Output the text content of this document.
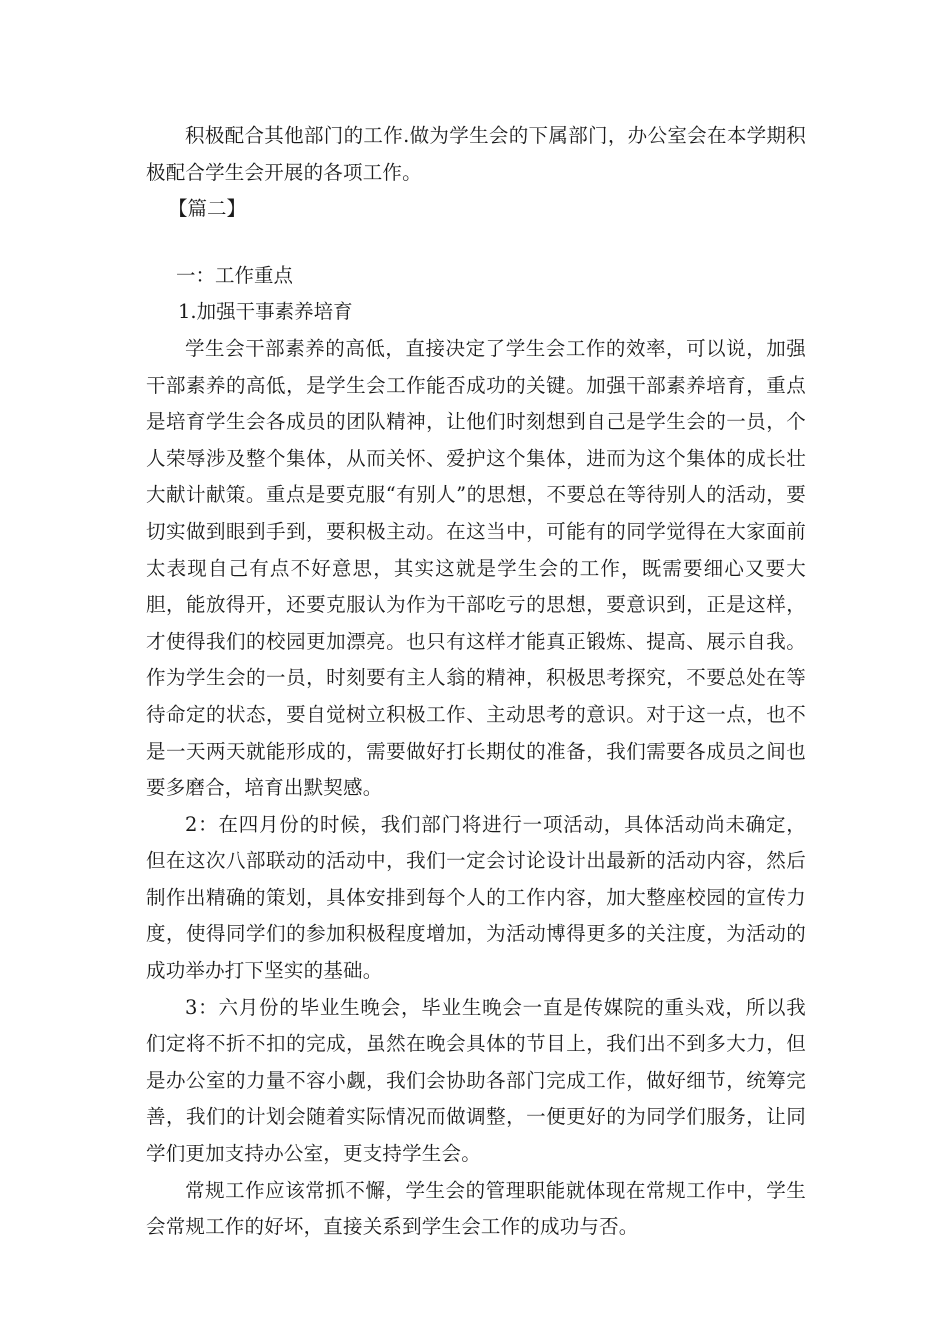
积极配合其他部门的工作.做为学生会的下属部门，办公室会在本学期积极配合学生会开展的各项工作。

【篇二】

一：工作重点

1.加强干事素养培育

学生会干部素养的高低，直接决定了学生会工作的效率，可以说，加强干部素养的高低，是学生会工作能否成功的关键。加强干部素养培育，重点是培育学生会各成员的团队精神，让他们时刻想到自己是学生会的一员，个人荣辱涉及整个集体，从而关怀、爱护这个集体，进而为这个集体的成长壮大献计献策。重点是要克服“有别人”的思想，不要总在等待别人的活动，要切实做到眼到手到，要积极主动。在这当中，可能有的同学觉得在大家面前太表现自己有点不好意思，其实这就是学生会的工作，既需要细心又要大胆，能放得开，还要克服认为作为干部吃亏的思想，要意识到，正是这样，才使得我们的校园更加漂亮。也只有这样才能真正锻炼、提高、展示自我。作为学生会的一员，时刻要有主人翁的精神，积极思考探究，不要总处在等待命定的状态，要自觉树立积极工作、主动思考的意识。对于这一点，也不是一天两天就能形成的，需要做好打长期仗的准备，我们需要各成员之间也要多磨合，培育出默契感。

2：在四月份的时候，我们部门将进行一项活动，具体活动尚未确定，但在这次八部联动的活动中，我们一定会讨论设计出最新的活动内容，然后制作出精确的策划，具体安排到每个人的工作内容，加大整座校园的宣传力度，使得同学们的参加积极程度增加，为活动博得更多的关注度，为活动的成功举办打下坚实的基础。

3：六月份的毕业生晚会，毕业生晚会一直是传媒院的重头戏，所以我们定将不折不扣的完成，虽然在晚会具体的节目上，我们出不到多大力，但是办公室的力量不容小觑，我们会协助各部门完成工作，做好细节，统筹完善，我们的计划会随着实际情况而做调整，一便更好的为同学们服务，让同学们更加支持办公室，更支持学生会。

常规工作应该常抓不懈，学生会的管理职能就体现在常规工作中，学生会常规工作的好坏，直接关系到学生会工作的成功与否。
